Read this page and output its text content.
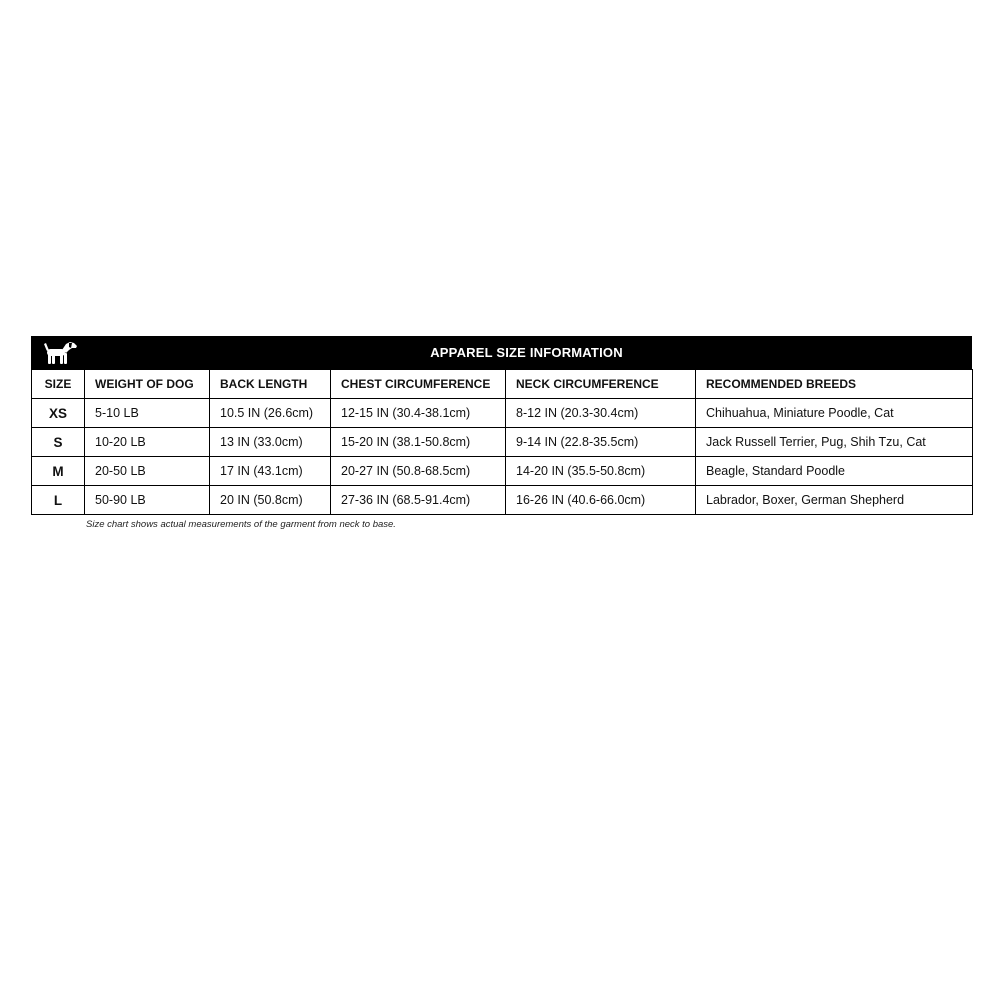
APPAREL SIZE INFORMATION
SIZE	WEIGHT OF DOG	BACK LENGTH	CHEST CIRCUMFERENCE	NECK CIRCUMFERENCE	RECOMMENDED BREEDS
XS	5-10 LB	10.5 IN (26.6cm)	12-15 IN (30.4-38.1cm)	8-12 IN (20.3-30.4cm)	Chihuahua, Miniature Poodle, Cat
S	10-20 LB	13 IN (33.0cm)	15-20 IN (38.1-50.8cm)	9-14 IN (22.8-35.5cm)	Jack Russell Terrier, Pug, Shih Tzu, Cat
M	20-50 LB	17 IN (43.1cm)	20-27 IN (50.8-68.5cm)	14-20 IN (35.5-50.8cm)	Beagle, Standard Poodle
L	50-90 LB	20 IN (50.8cm)	27-36 IN (68.5-91.4cm)	16-26 IN (40.6-66.0cm)	Labrador, Boxer, German Shepherd
Size chart shows actual measurements of the garment from neck to base.
